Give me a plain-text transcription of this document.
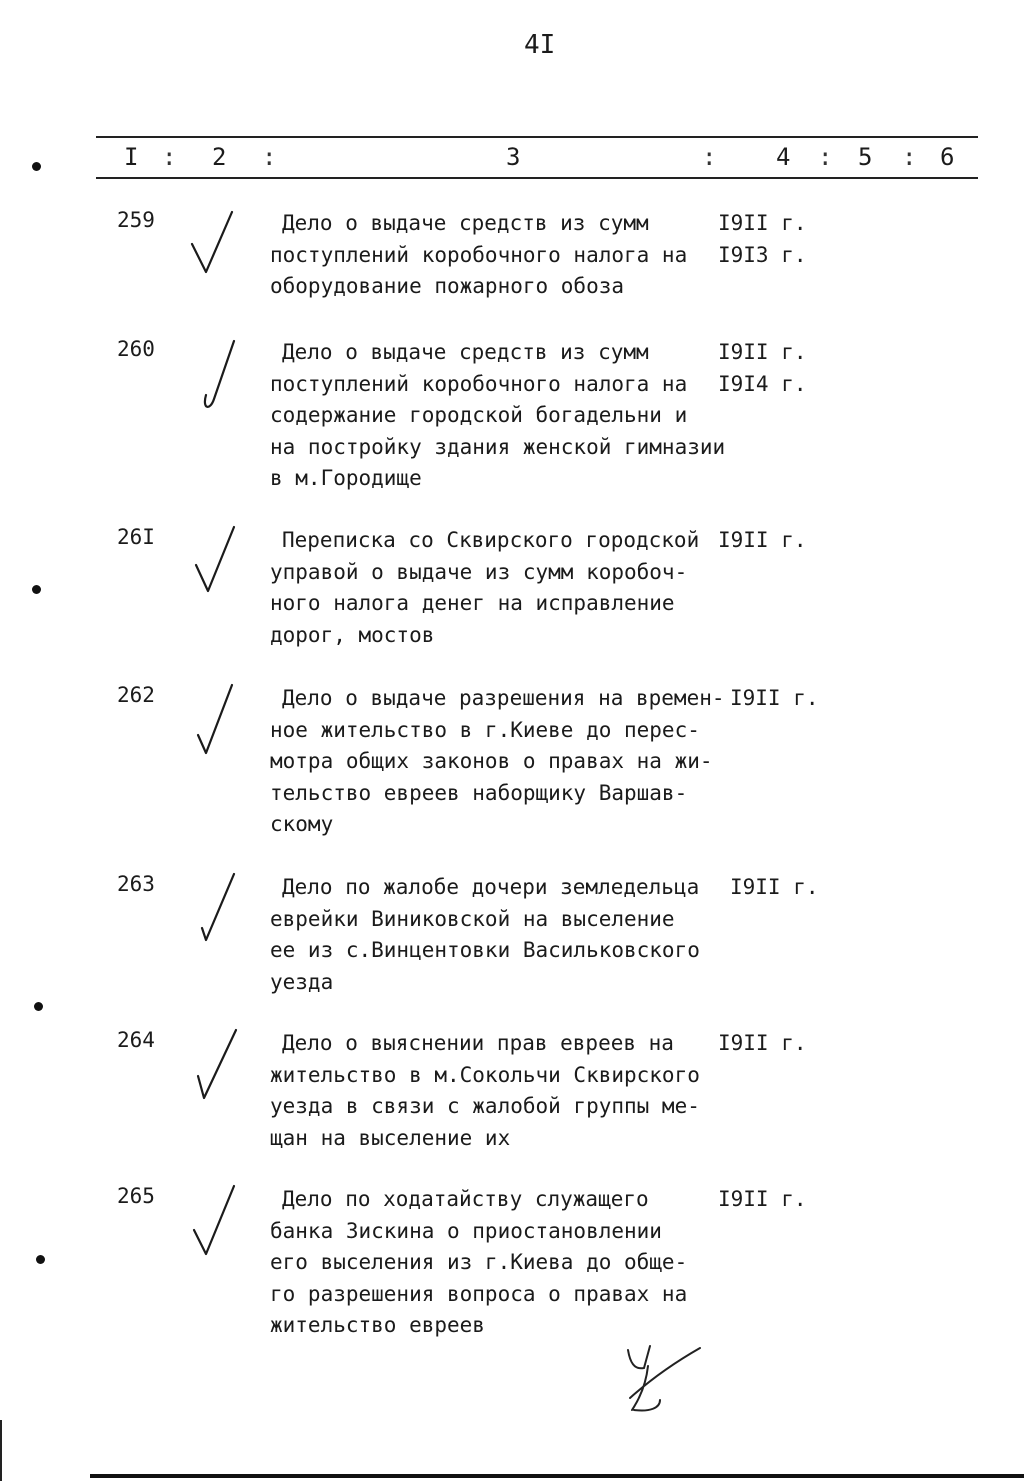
4I
I : 2 :	3	: 4 : 5 : 6
259	Дело о выдаче средств из сумм
поступлений коробочного налога на
оборудование пожарного обоза
I9II г.
I9I3 г.
260	Дело о выдаче средств из сумм
поступлений коробочного налога на
содержание городской богадельни и
на постройку здания женской гимназии
в м.Городище
I9II г.
I9I4 г.
26I	Переписка со Сквирского городской
управой о выдаче из сумм коробоч-
ного налога денег на исправление
дорог, мостов
I9II г.
262	Дело о выдаче разрешения на времен-
ное жительство в г.Киеве до перес-
мотра общих законов о правах на жи-
тельство евреев наборщику Варшав-
скому
I9II г.
263	Дело по жалобе дочери земледельца
еврейки Виниковской на выселение
ее из с.Винцентовки Васильковского
уезда
I9II г.
264	Дело о выяснении прав евреев на
жительство в м.Сокольчи Сквирского
уезда в связи с жалобой группы ме-
щан на выселение их
I9II г.
265	Дело по ходатайству служащего
банка Зискина о приостановлении
его выселения из г.Киева до обще-
го разрешения вопроса о правах на
жительство евреев
I9II г.
